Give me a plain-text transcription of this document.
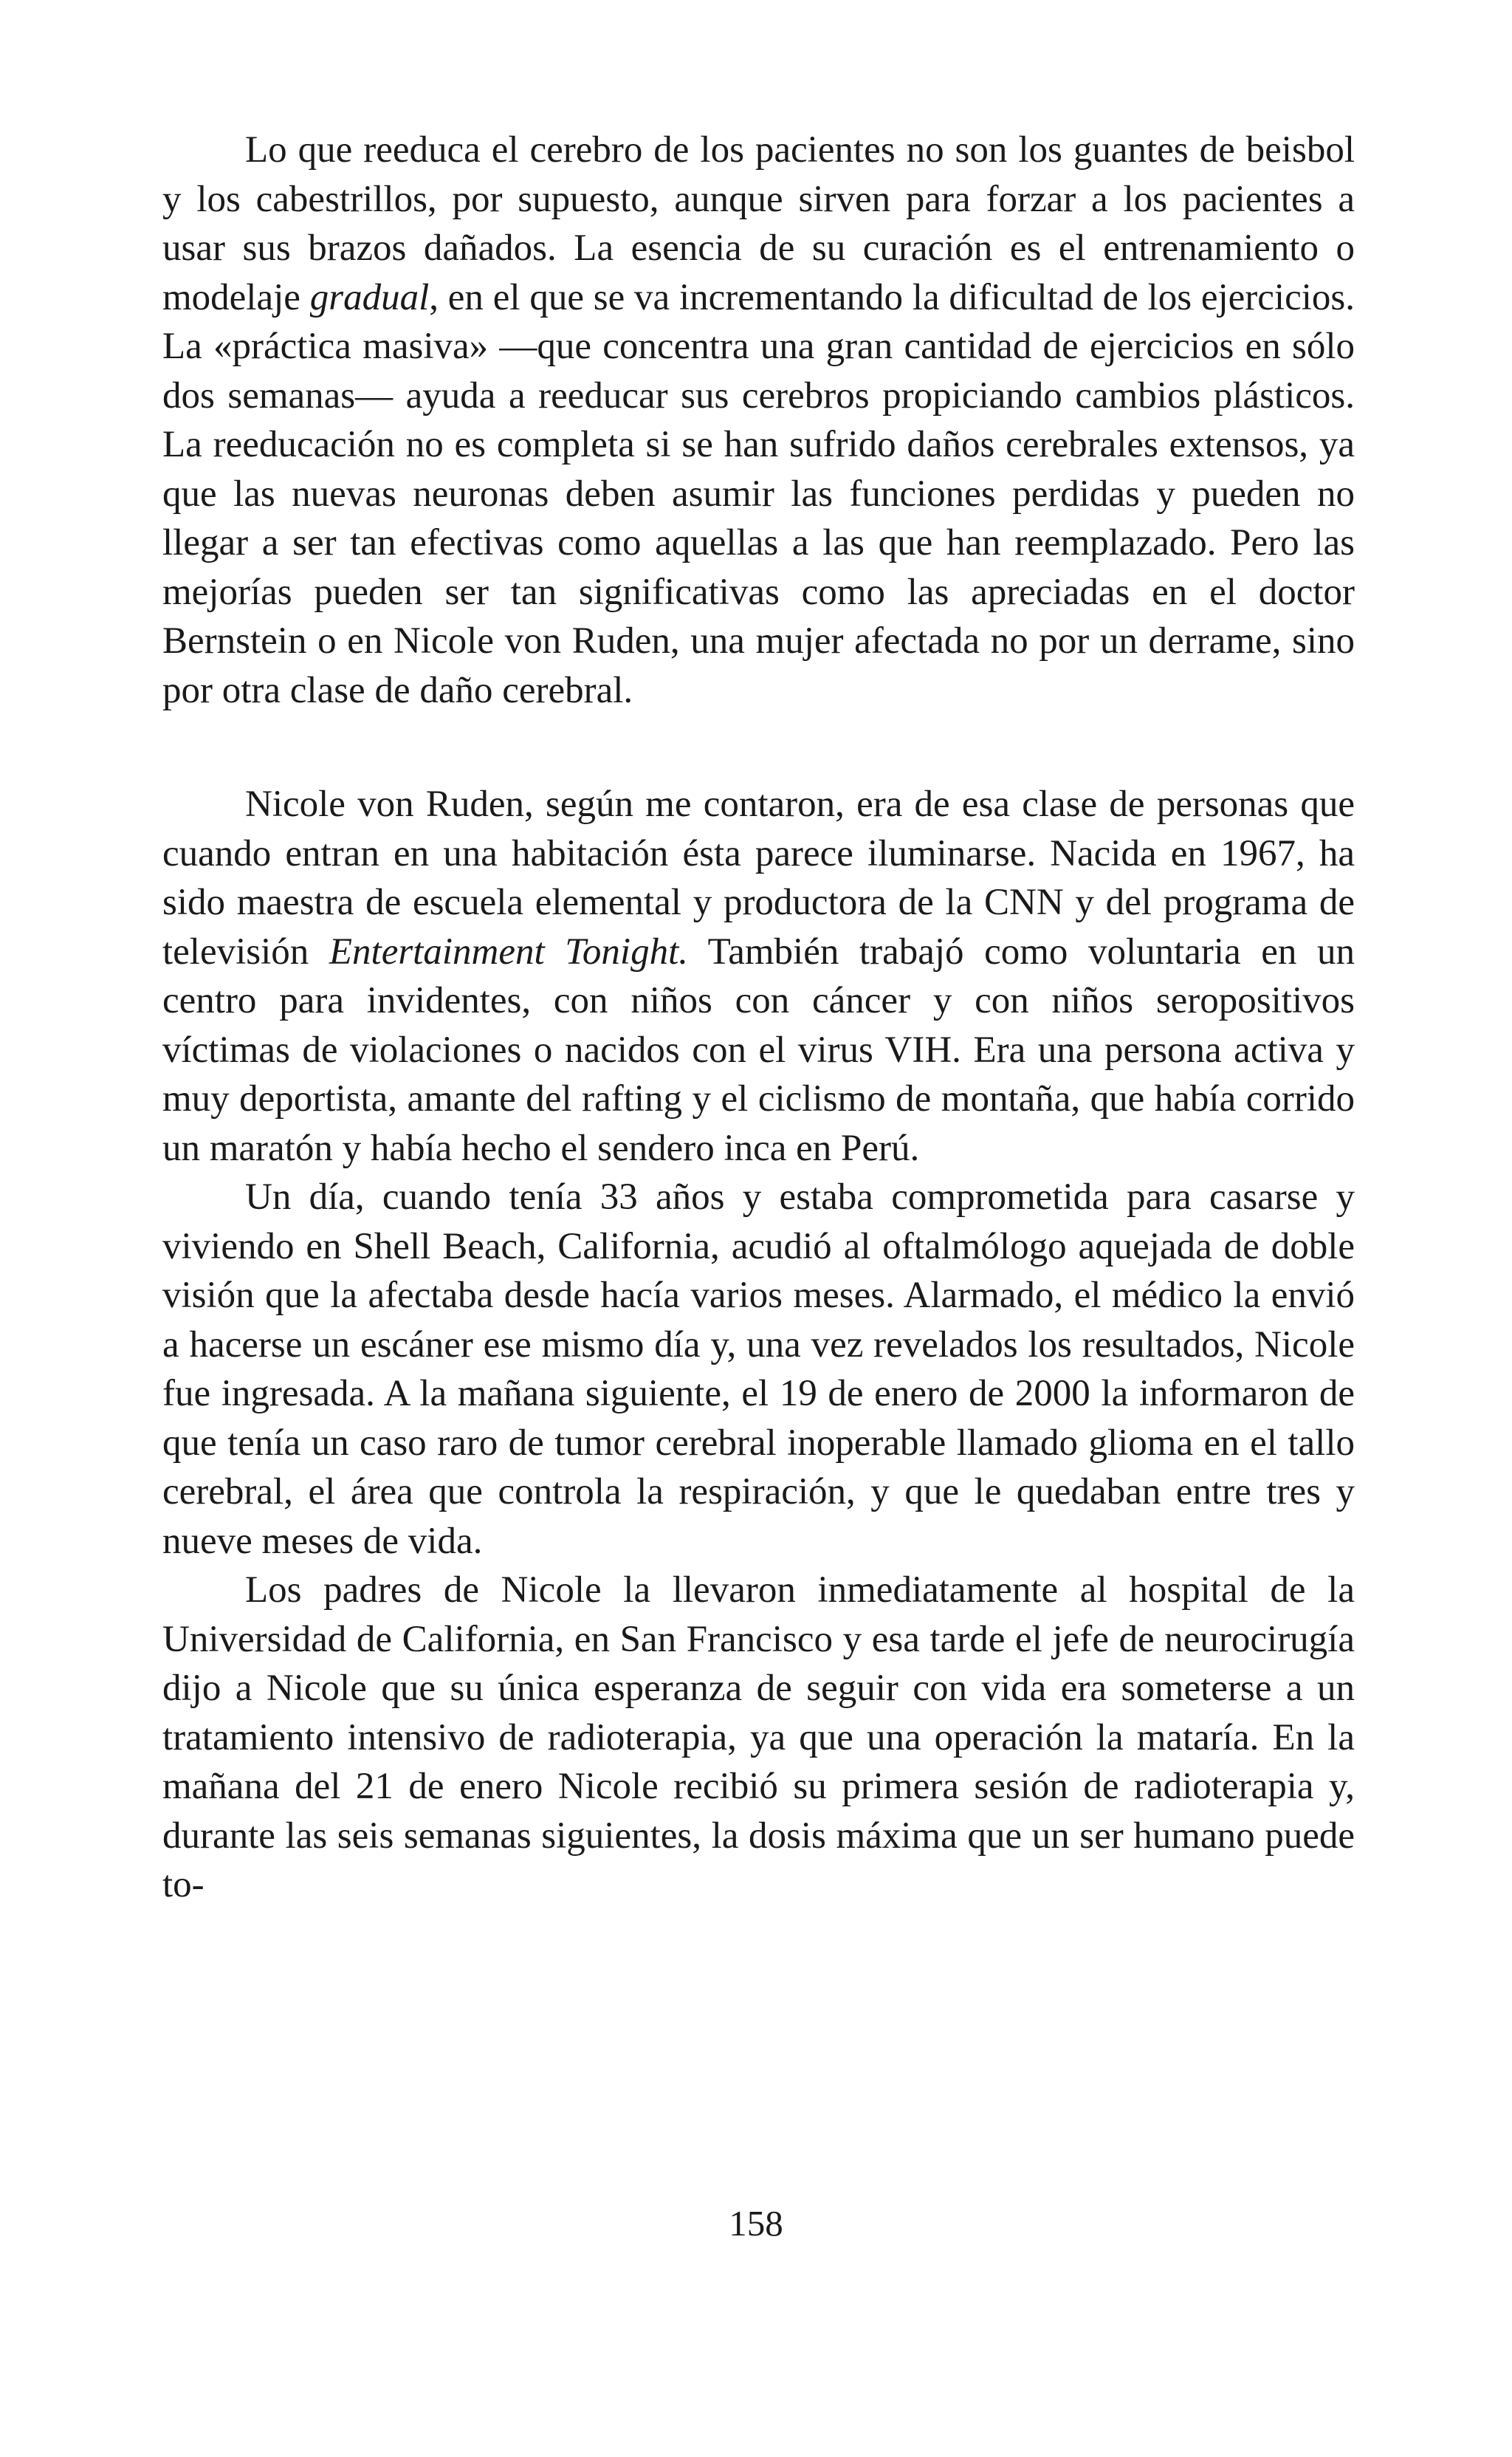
Lo que reeduca el cerebro de los pacientes no son los guantes de beisbol y los cabestrillos, por supuesto, aunque sirven para forzar a los pacientes a usar sus brazos dañados. La esencia de su curación es el entrenamiento o modelaje gradual, en el que se va incrementando la dificultad de los ejercicios. La «práctica masiva» —que concentra una gran cantidad de ejercicios en sólo dos semanas— ayuda a reeducar sus cerebros propiciando cambios plásticos. La reeducación no es completa si se han sufrido daños cerebrales extensos, ya que las nuevas neuronas deben asumir las funciones perdidas y pueden no llegar a ser tan efectivas como aquellas a las que han reemplazado. Pero las mejorías pueden ser tan significativas como las apreciadas en el doctor Bernstein o en Nicole von Ruden, una mujer afectada no por un derrame, sino por otra clase de daño cerebral.

Nicole von Ruden, según me contaron, era de esa clase de personas que cuando entran en una habitación ésta parece iluminarse. Nacida en 1967, ha sido maestra de escuela elemental y productora de la CNN y del programa de televisión Entertainment Tonight. También trabajó como voluntaria en un centro para invidentes, con niños con cáncer y con niños seropositivos víctimas de violaciones o nacidos con el virus VIH. Era una persona activa y muy deportista, amante del rafting y el ciclismo de montaña, que había corrido un maratón y había hecho el sendero inca en Perú.

Un día, cuando tenía 33 años y estaba comprometida para casarse y viviendo en Shell Beach, California, acudió al oftalmólogo aquejada de doble visión que la afectaba desde hacía varios meses. Alarmado, el médico la envió a hacerse un escáner ese mismo día y, una vez revelados los resultados, Nicole fue ingresada. A la mañana siguiente, el 19 de enero de 2000 la informaron de que tenía un caso raro de tumor cerebral inoperable llamado glioma en el tallo cerebral, el área que controla la respiración, y que le quedaban entre tres y nueve meses de vida.

Los padres de Nicole la llevaron inmediatamente al hospital de la Universidad de California, en San Francisco y esa tarde el jefe de neurocirugía dijo a Nicole que su única esperanza de seguir con vida era someterse a un tratamiento intensivo de radioterapia, ya que una operación la mataría. En la mañana del 21 de enero Nicole recibió su primera sesión de radioterapia y, durante las seis semanas siguientes, la dosis máxima que un ser humano puede to-

158
